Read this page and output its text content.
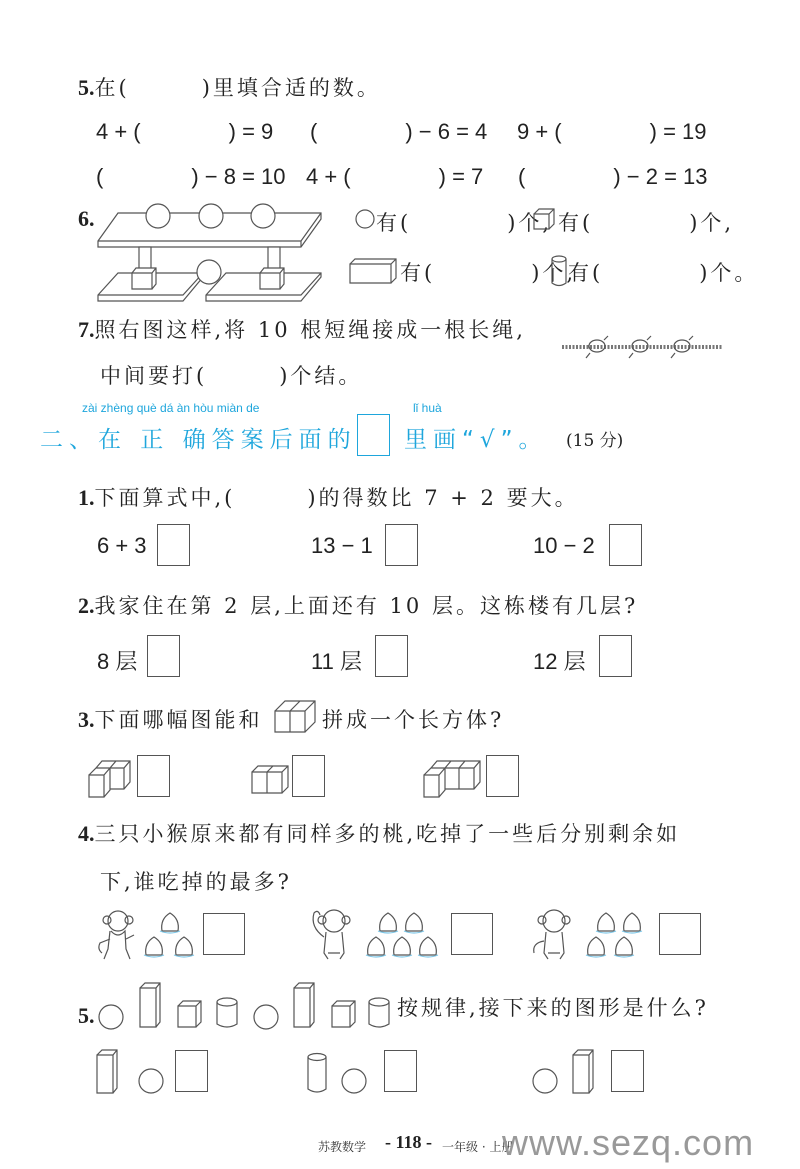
5.在(　　　)里填合适的数。
4 + (　　　　) = 9 (　　　　) − 6 = 4 9 + (　　　　) = 19
(　　　　) − 8 = 10 4 + (　　　　) = 7 (　　　　) − 2 = 13
6.	有(　　　　)个, 有(　　　　)个,
有(　　　　)个,
有(　　　　)个。
7.照右图这样,将 10 根短绳接成一根长绳,
中间要打(　　　)个结。
zài zhèng què dá àn hòu miàn de	lǐ huà
二、在 正 确答案后面的 里画“√”。 (15 分)
1.下面算式中,(　　　)的得数比 7 + 2 要大。
6 + 3	13 − 1	10 − 2
2.我家住在第 2 层,上面还有 10 层。这栋楼有几层?
8 层	11 层	12 层
3.下面哪幅图能和	拼成一个长方体?
4.三只小猴原来都有同样多的桃,吃掉了一些后分别剩余如
下,谁吃掉的最多?
5.	按规律,接下来的图形是什么?
苏教数学 - 118 - 一年级 · 上册
www.sezq.com
